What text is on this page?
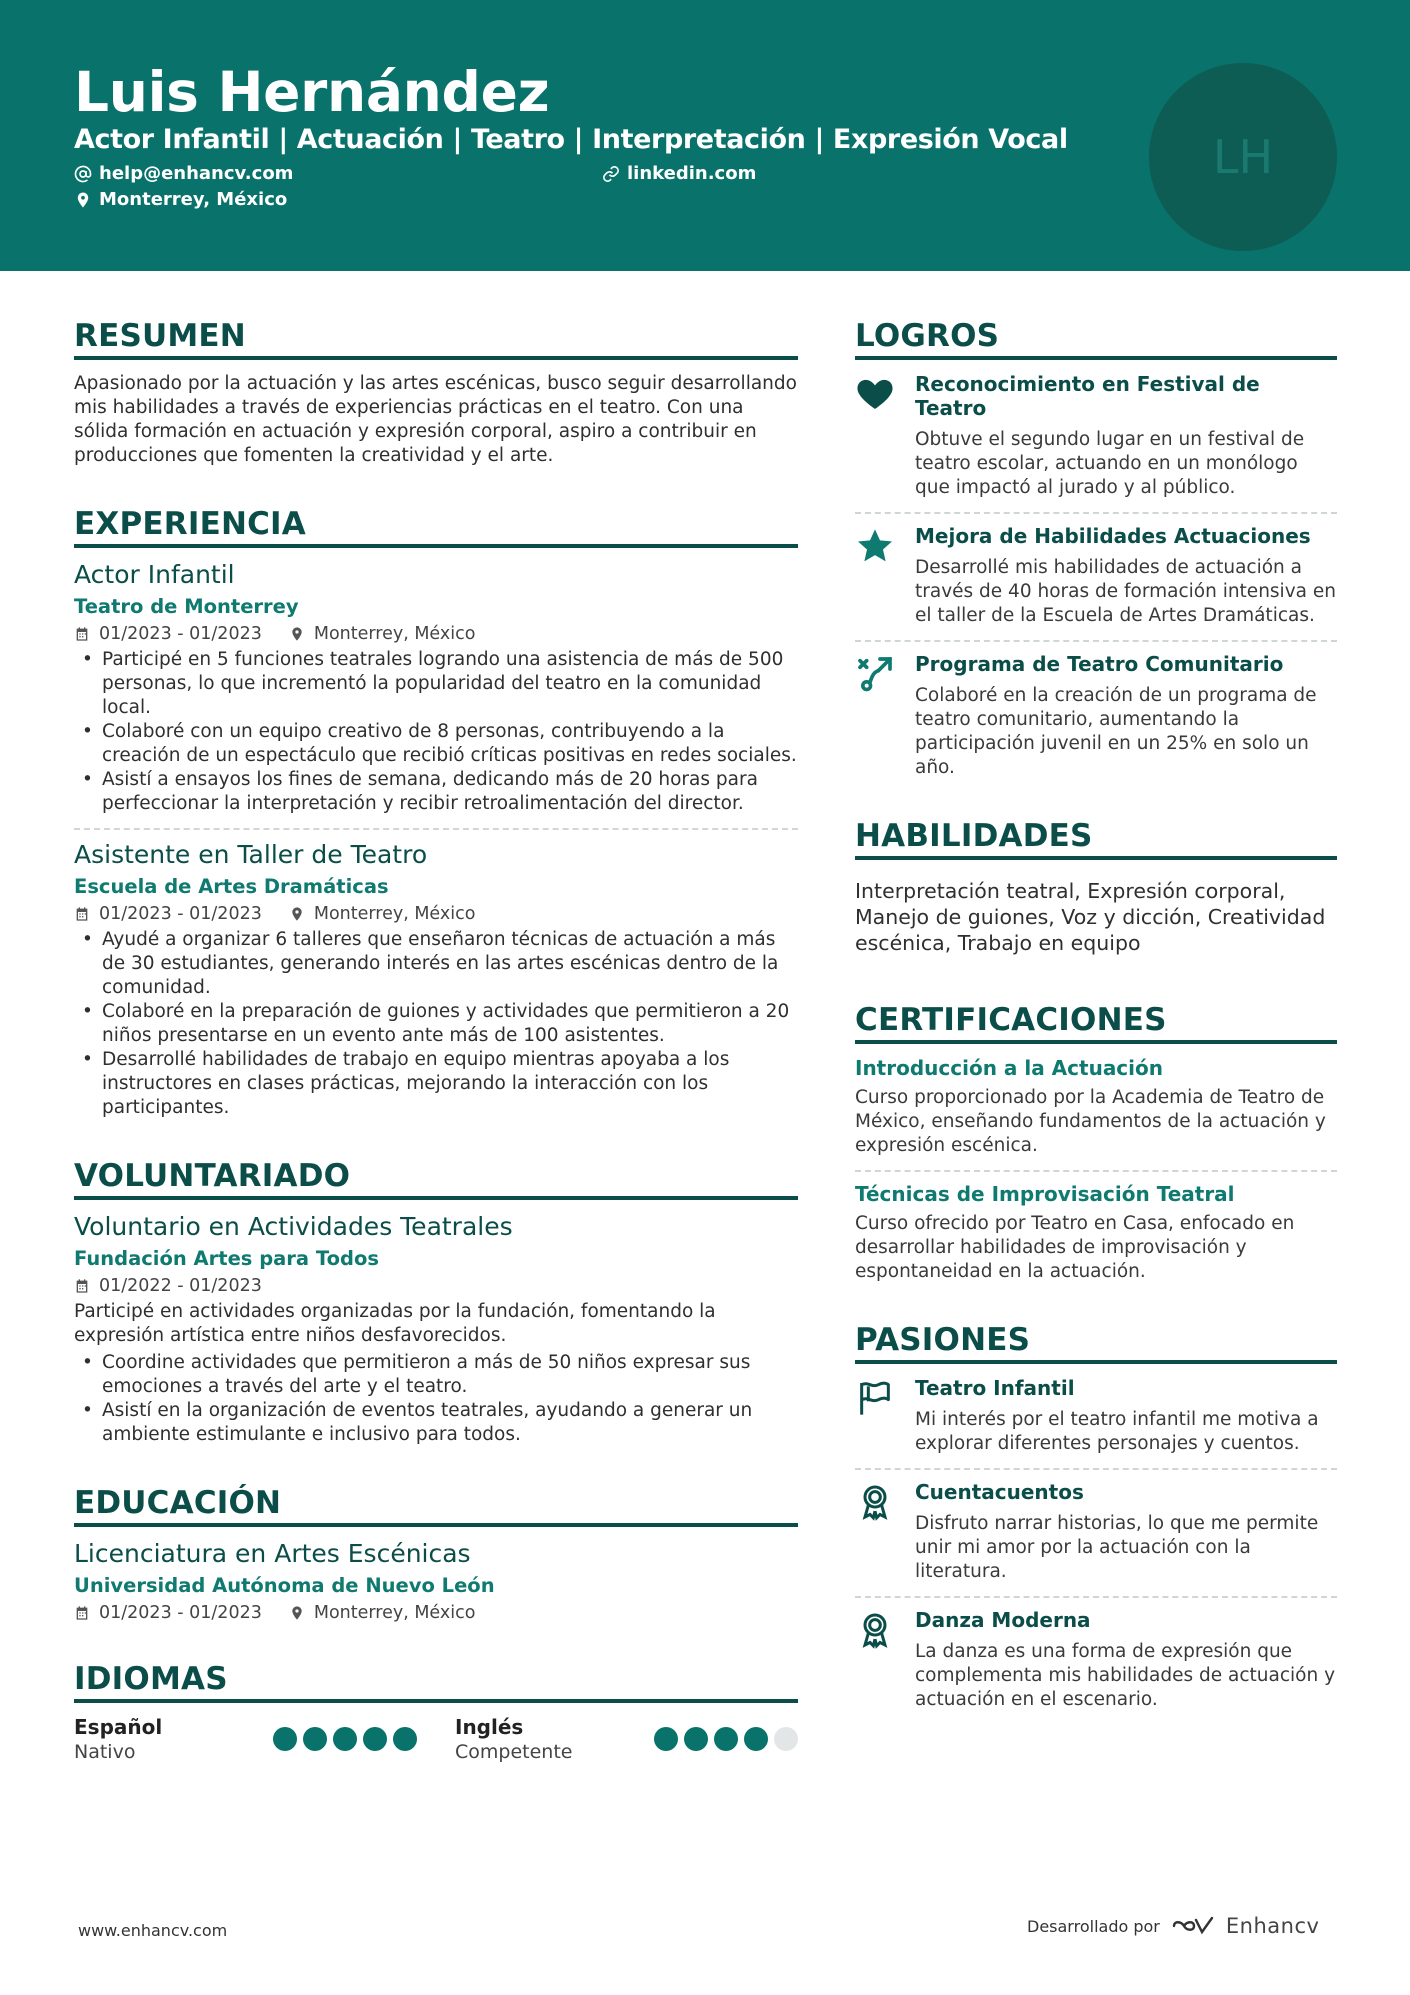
Luis Hernández
Actor Infantil | Actuación | Teatro | Interpretación | Expresión Vocal
help@enhancv.com	linkedin.com
Monterrey, México
LH
RESUMEN
Apasionado por la actuación y las artes escénicas, busco seguir desarrollando mis habilidades a través de experiencias prácticas en el teatro. Con una sólida formación en actuación y expresión corporal, aspiro a contribuir en producciones que fomenten la creatividad y el arte.
EXPERIENCIA
Actor Infantil
Teatro de Monterrey
01/2023 - 01/2023	Monterrey, México
• Participé en 5 funciones teatrales logrando una asistencia de más de 500 personas, lo que incrementó la popularidad del teatro en la comunidad local.
• Colaboré con un equipo creativo de 8 personas, contribuyendo a la creación de un espectáculo que recibió críticas positivas en redes sociales.
• Asistí a ensayos los fines de semana, dedicando más de 20 horas para perfeccionar la interpretación y recibir retroalimentación del director.
Asistente en Taller de Teatro
Escuela de Artes Dramáticas
01/2023 - 01/2023	Monterrey, México
• Ayudé a organizar 6 talleres que enseñaron técnicas de actuación a más de 30 estudiantes, generando interés en las artes escénicas dentro de la comunidad.
• Colaboré en la preparación de guiones y actividades que permitieron a 20 niños presentarse en un evento ante más de 100 asistentes.
• Desarrollé habilidades de trabajo en equipo mientras apoyaba a los instructores en clases prácticas, mejorando la interacción con los participantes.
VOLUNTARIADO
Voluntario en Actividades Teatrales
Fundación Artes para Todos
01/2022 - 01/2023
Participé en actividades organizadas por la fundación, fomentando la expresión artística entre niños desfavorecidos.
• Coordine actividades que permitieron a más de 50 niños expresar sus emociones a través del arte y el teatro.
• Asistí en la organización de eventos teatrales, ayudando a generar un ambiente estimulante e inclusivo para todos.
EDUCACIÓN
Licenciatura en Artes Escénicas
Universidad Autónoma de Nuevo León
01/2023 - 01/2023	Monterrey, México
IDIOMAS
Español
Nativo
Inglés
Competente
LOGROS
Reconocimiento en Festival de Teatro
Obtuve el segundo lugar en un festival de teatro escolar, actuando en un monólogo que impactó al jurado y al público.
Mejora de Habilidades Actuaciones
Desarrollé mis habilidades de actuación a través de 40 horas de formación intensiva en el taller de la Escuela de Artes Dramáticas.
Programa de Teatro Comunitario
Colaboré en la creación de un programa de teatro comunitario, aumentando la participación juvenil en un 25% en solo un año.
HABILIDADES
Interpretación teatral, Expresión corporal, Manejo de guiones, Voz y dicción, Creatividad escénica, Trabajo en equipo
CERTIFICACIONES
Introducción a la Actuación
Curso proporcionado por la Academia de Teatro de México, enseñando fundamentos de la actuación y expresión escénica.
Técnicas de Improvisación Teatral
Curso ofrecido por Teatro en Casa, enfocado en desarrollar habilidades de improvisación y espontaneidad en la actuación.
PASIONES
Teatro Infantil
Mi interés por el teatro infantil me motiva a explorar diferentes personajes y cuentos.
Cuentacuentos
Disfruto narrar historias, lo que me permite unir mi amor por la actuación con la literatura.
Danza Moderna
La danza es una forma de expresión que complementa mis habilidades de actuación y actuación en el escenario.
www.enhancv.com	Desarrollado por	Enhancv
